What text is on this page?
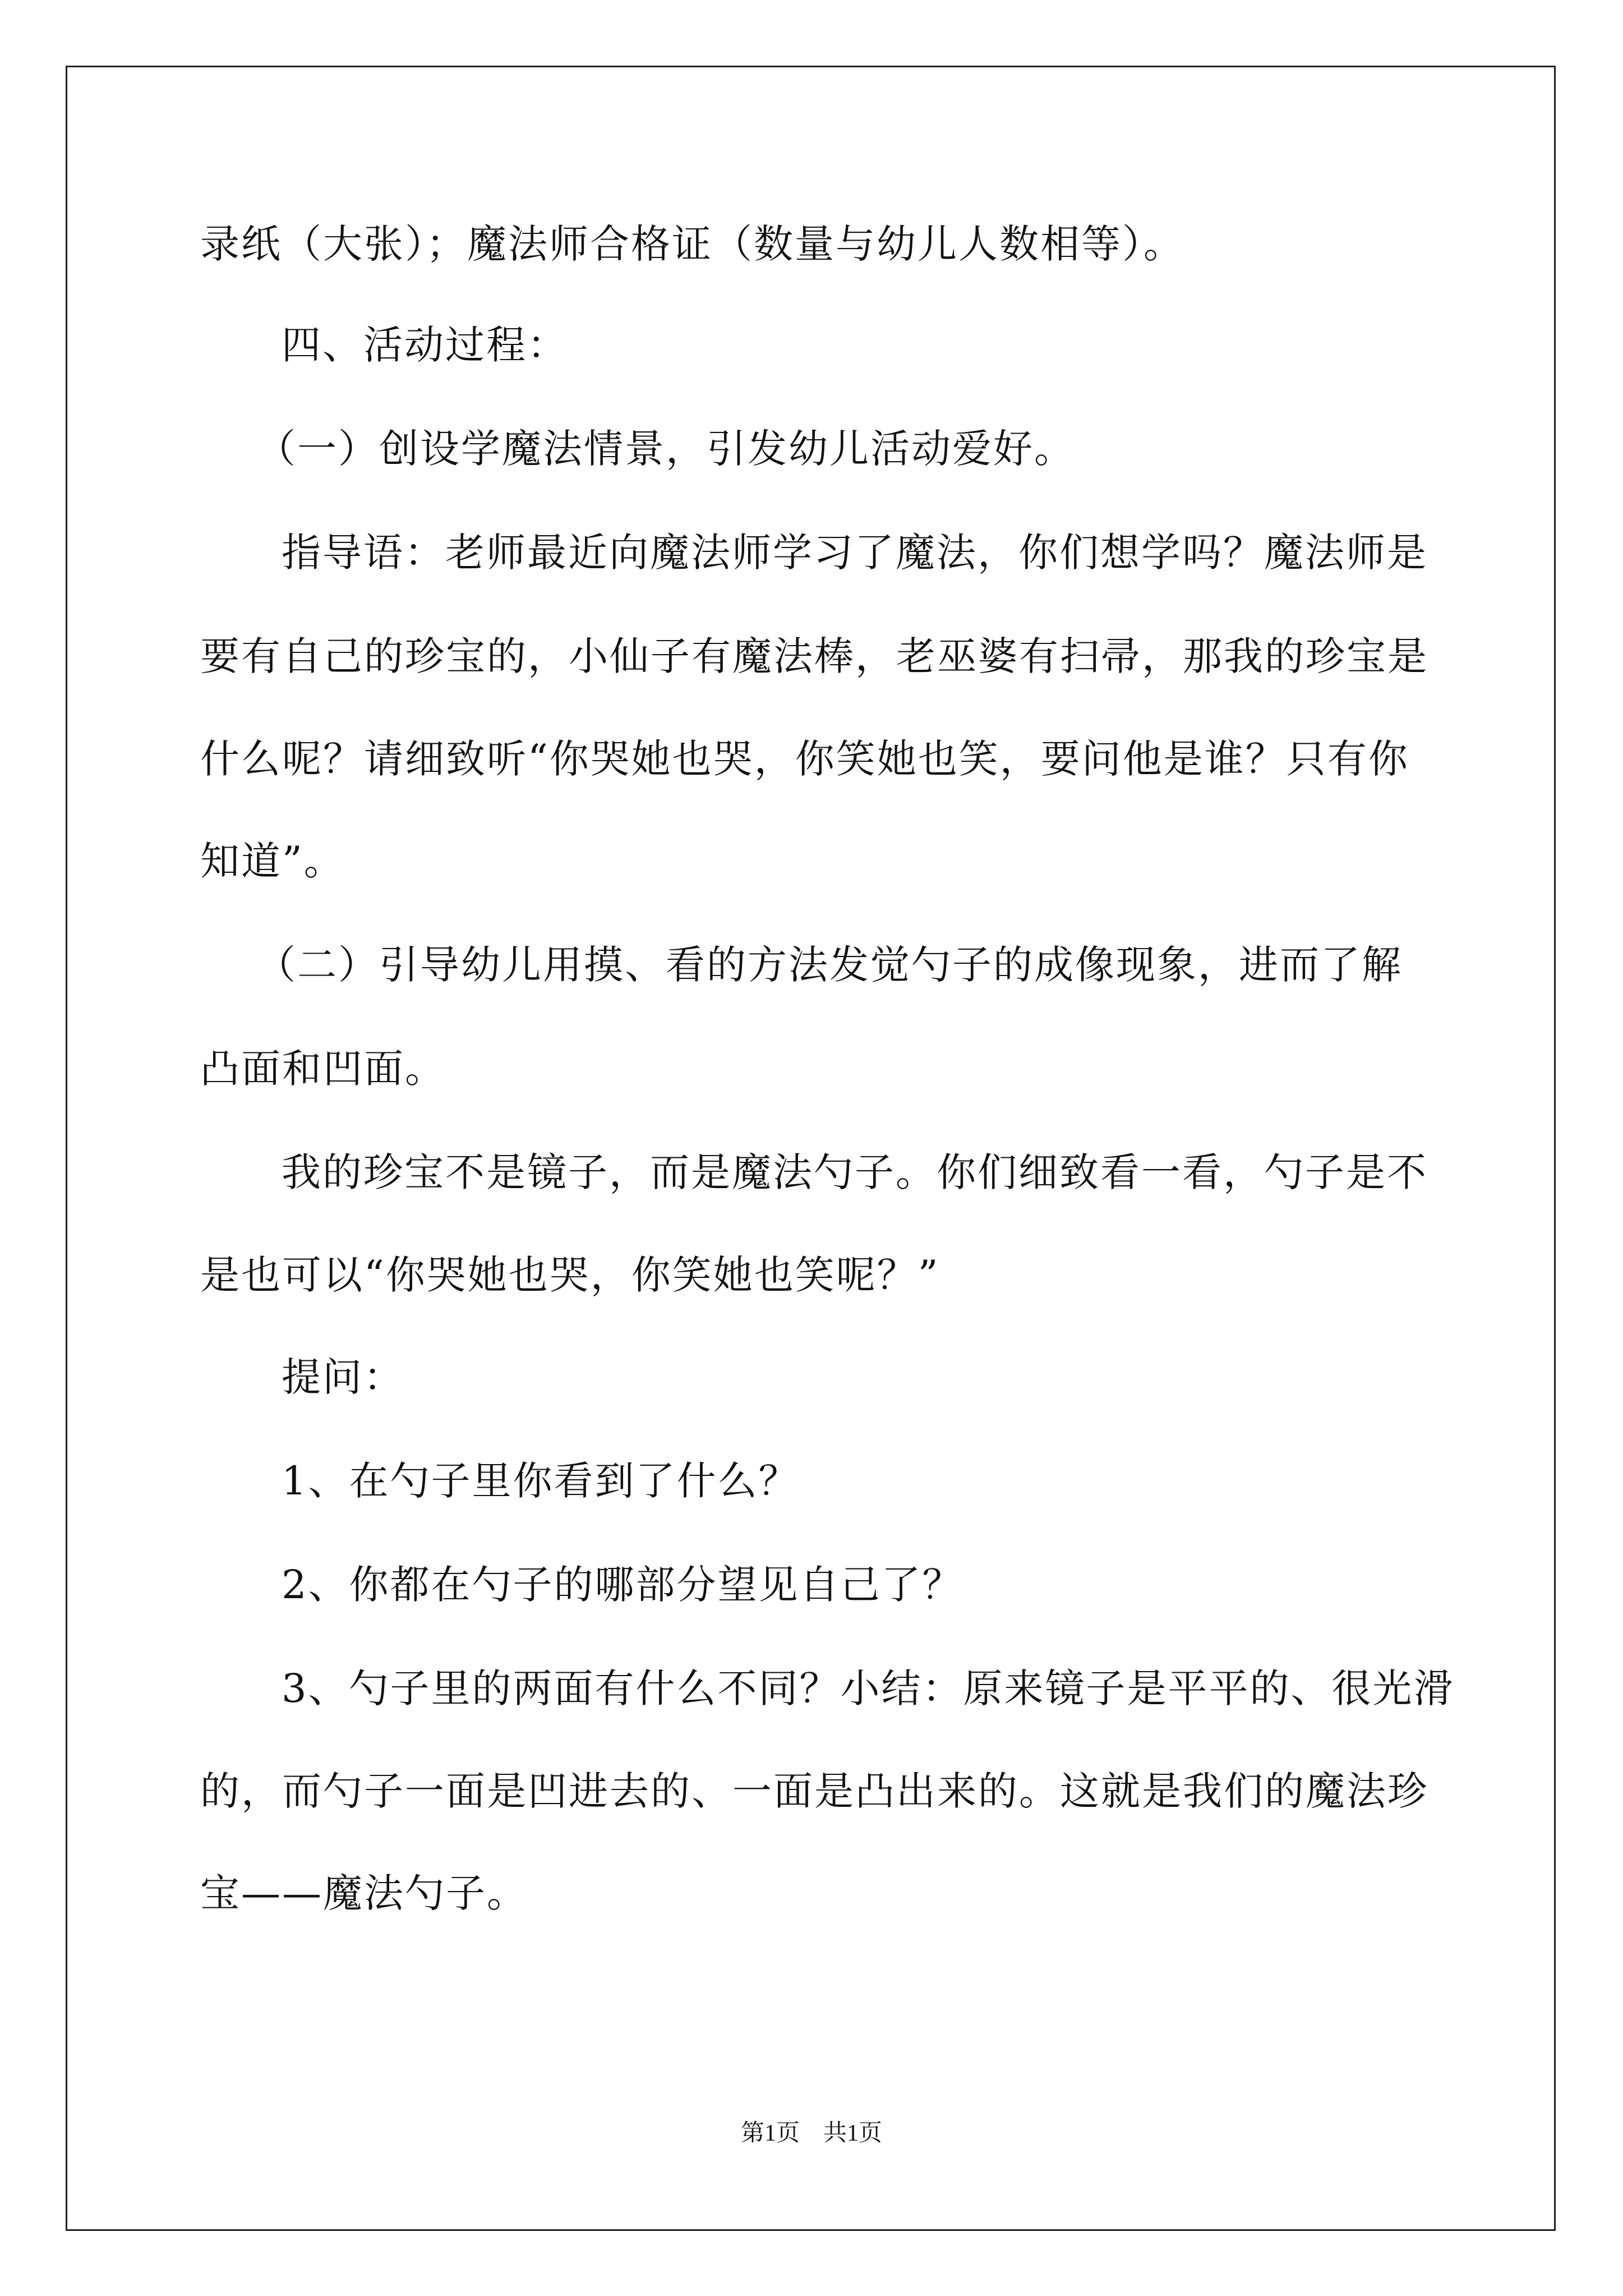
录纸（大张）；魔法师合格证（数量与幼儿人数相等）。
四、活动过程：
（一）创设学魔法情景，引发幼儿活动爱好。
指导语：老师最近向魔法师学习了魔法，你们想学吗？魔法师是
要有自己的珍宝的，小仙子有魔法棒，老巫婆有扫帚，那我的珍宝是
什么呢？请细致听“你哭她也哭，你笑她也笑，要问他是谁？只有你
知道”。
（二）引导幼儿用摸、看的方法发觉勺子的成像现象，进而了解
凸面和凹面。
我的珍宝不是镜子，而是魔法勺子。你们细致看一看，勺子是不
是也可以“你哭她也哭，你笑她也笑呢？”
提问：
1、在勺子里你看到了什么？
2、你都在勺子的哪部分望见自己了？
3、勺子里的两面有什么不同？小结：原来镜子是平平的、很光滑
的，而勺子一面是凹进去的、一面是凸出来的。这就是我们的魔法珍
宝——魔法勺子。
第1页　共1页
